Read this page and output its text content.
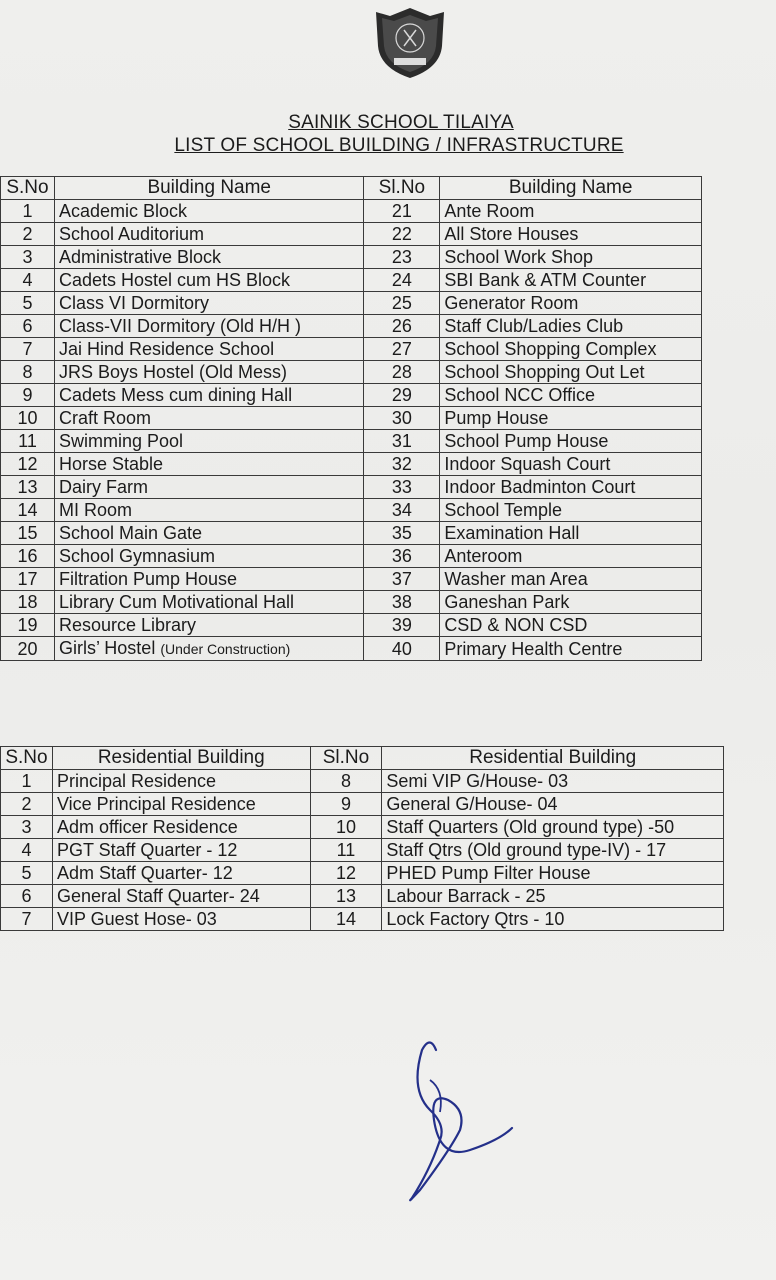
SAINIK SCHOOL TILAIYA
LIST OF SCHOOL BUILDING / INFRASTRUCTURE
S.No	Building Name	Sl.No	Building Name
1	Academic Block	21	Ante Room
2	School Auditorium	22	All Store Houses
3	Administrative Block	23	School Work Shop
4	Cadets Hostel cum HS Block	24	SBI Bank & ATM Counter
5	Class VI Dormitory	25	Generator Room
6	Class-VII Dormitory (Old H/H )	26	Staff Club/Ladies Club
7	Jai Hind Residence School	27	School Shopping Complex
8	JRS Boys Hostel (Old Mess)	28	School Shopping Out Let
9	Cadets Mess cum dining Hall	29	School NCC Office
10	Craft Room	30	Pump House
11	Swimming Pool	31	School Pump House
12	Horse Stable	32	Indoor Squash Court
13	Dairy Farm	33	Indoor Badminton Court
14	MI Room	34	School Temple
15	School Main Gate	35	Examination Hall
16	School Gymnasium	36	Anteroom
17	Filtration Pump House	37	Washer man Area
18	Library Cum Motivational Hall	38	Ganeshan Park
19	Resource Library	39	CSD & NON CSD
20	Girls’ Hostel (Under Construction)	40	Primary Health Centre
S.No	Residential Building	Sl.No	Residential Building
1	Principal Residence	8	Semi VIP G/House- 03
2	Vice Principal Residence	9	General G/House- 04
3	Adm officer Residence	10	Staff Quarters (Old ground type) -50
4	PGT Staff Quarter - 12	11	Staff Qtrs (Old ground type-IV) - 17
5	Adm Staff Quarter- 12	12	PHED Pump Filter House
6	General Staff Quarter- 24	13	Labour Barrack - 25
7	VIP Guest Hose- 03	14	Lock Factory Qtrs - 10
